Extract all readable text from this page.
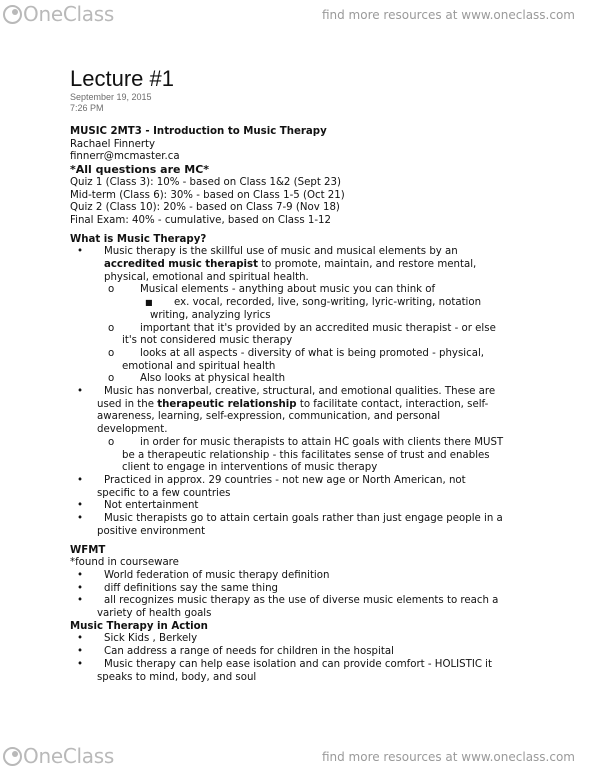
OneClass	find more resources at www.oneclass.com
Lecture #1
September 19, 2015
7:26 PM
MUSIC 2MT3 - Introduction to Music Therapy
Rachael Finnerty
finnerr@mcmaster.ca
*All questions are MC*
Quiz 1 (Class 3): 10% - based on Class 1&2 (Sept 23)
Mid-term (Class 6): 30% - based on Class 1-5 (Oct 21)
Quiz 2 (Class 10): 20% - based on Class 7-9 (Nov 18)
Final Exam: 40% - cumulative, based on Class 1-12
What is Music Therapy?
• Music therapy is the skillful use of music and musical elements by an
accredited music therapist to promote, maintain, and restore mental,
physical, emotional and spiritual health.
o	Musical elements - anything about music you can think of
■ ex. vocal, recorded, live, song-writing, lyric-writing, notation
writing, analyzing lyrics
o	important that it's provided by an accredited music therapist - or else
it's not considered music therapy
o	looks at all aspects - diversity of what is being promoted - physical,
emotional and spiritual health
o	Also looks at physical health
• Music has nonverbal, creative, structural, and emotional qualities. These are
used in the therapeutic relationship to facilitate contact, interaction, self-
awareness, learning, self-expression, communication, and personal
development.
o	in order for music therapists to attain HC goals with clients there MUST
be a therapeutic relationship - this facilitates sense of trust and enables
client to engage in interventions of music therapy
• Practiced in approx. 29 countries - not new age or North American, not
specific to a few countries
• Not entertainment
• Music therapists go to attain certain goals rather than just engage people in a
positive environment
WFMT
*found in courseware
• World federation of music therapy definition
• diff definitions say the same thing
• all recognizes music therapy as the use of diverse music elements to reach a
variety of health goals
Music Therapy in Action
• Sick Kids , Berkely
• Can address a range of needs for children in the hospital
• Music therapy can help ease isolation and can provide comfort - HOLISTIC it
speaks to mind, body, and soul
OneClass	find more resources at www.oneclass.com
